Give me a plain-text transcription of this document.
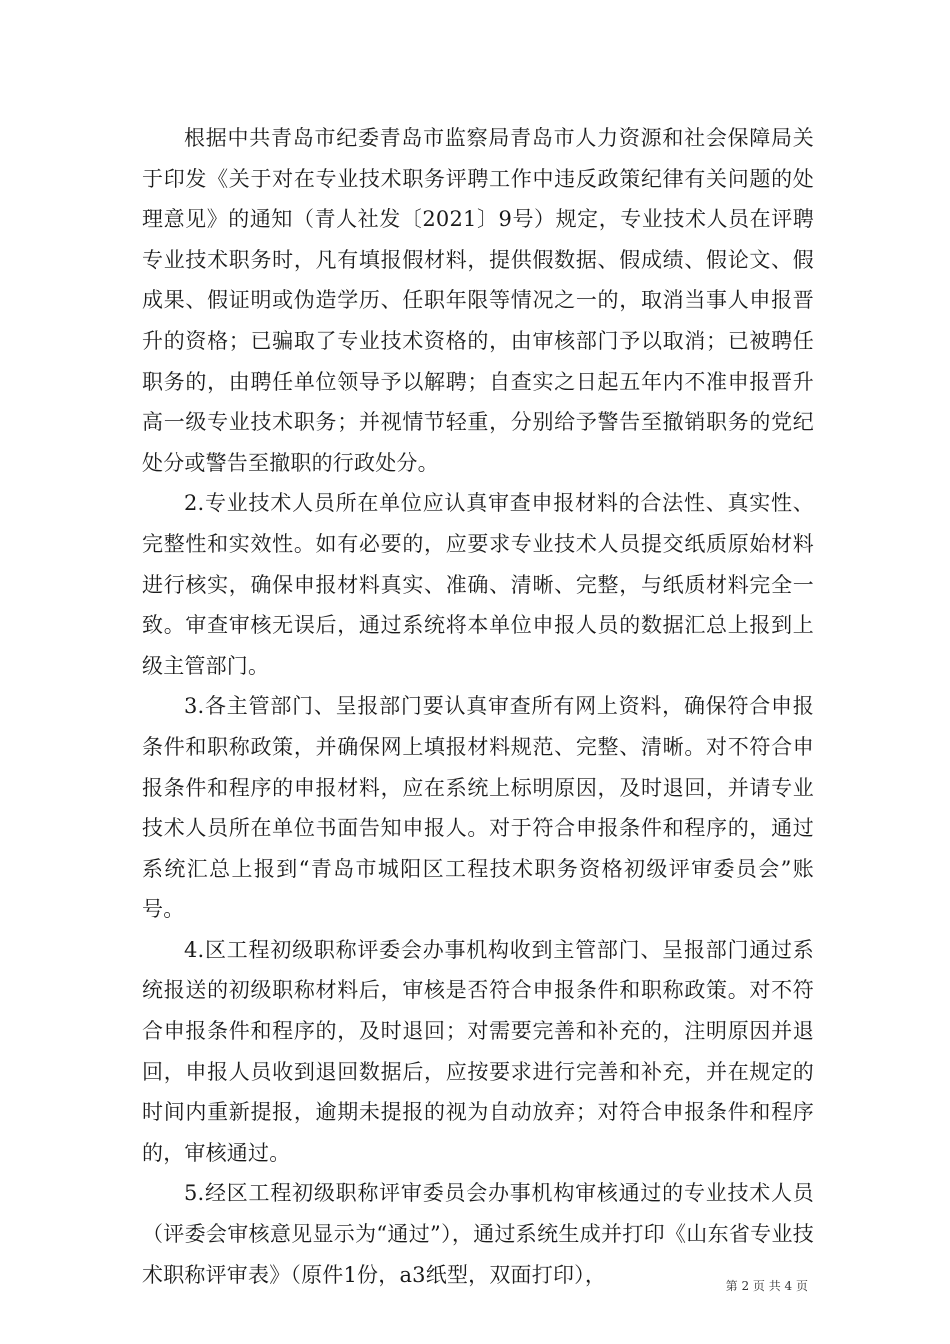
根据中共青岛市纪委青岛市监察局青岛市人力资源和社会保障局关于印发《关于对在专业技术职务评聘工作中违反政策纪律有关问题的处理意见》的通知（青人社发〔2021〕9号）规定，专业技术人员在评聘专业技术职务时，凡有填报假材料，提供假数据、假成绩、假论文、假成果、假证明或伪造学历、任职年限等情况之一的，取消当事人申报晋升的资格；已骗取了专业技术资格的，由审核部门予以取消；已被聘任职务的，由聘任单位领导予以解聘；自查实之日起五年内不准申报晋升高一级专业技术职务；并视情节轻重，分别给予警告至撤销职务的党纪处分或警告至撤职的行政处分。

2.专业技术人员所在单位应认真审查申报材料的合法性、真实性、完整性和实效性。如有必要的，应要求专业技术人员提交纸质原始材料进行核实，确保申报材料真实、准确、清晰、完整，与纸质材料完全一致。审查审核无误后，通过系统将本单位申报人员的数据汇总上报到上级主管部门。

3.各主管部门、呈报部门要认真审查所有网上资料，确保符合申报条件和职称政策，并确保网上填报材料规范、完整、清晰。对不符合申报条件和程序的申报材料，应在系统上标明原因，及时退回，并请专业技术人员所在单位书面告知申报人。对于符合申报条件和程序的，通过系统汇总上报到“青岛市城阳区工程技术职务资格初级评审委员会”账号。

4.区工程初级职称评委会办事机构收到主管部门、呈报部门通过系统报送的初级职称材料后，审核是否符合申报条件和职称政策。对不符合申报条件和程序的，及时退回；对需要完善和补充的，注明原因并退回，申报人员收到退回数据后，应按要求进行完善和补充，并在规定的时间内重新提报，逾期未提报的视为自动放弃；对符合申报条件和程序的，审核通过。

5.经区工程初级职称评审委员会办事机构审核通过的专业技术人员（评委会审核意见显示为“通过”），通过系统生成并打印《山东省专业技术职称评审表》（原件1份，a3纸型，双面打印），	第 2 页 共 4 页
